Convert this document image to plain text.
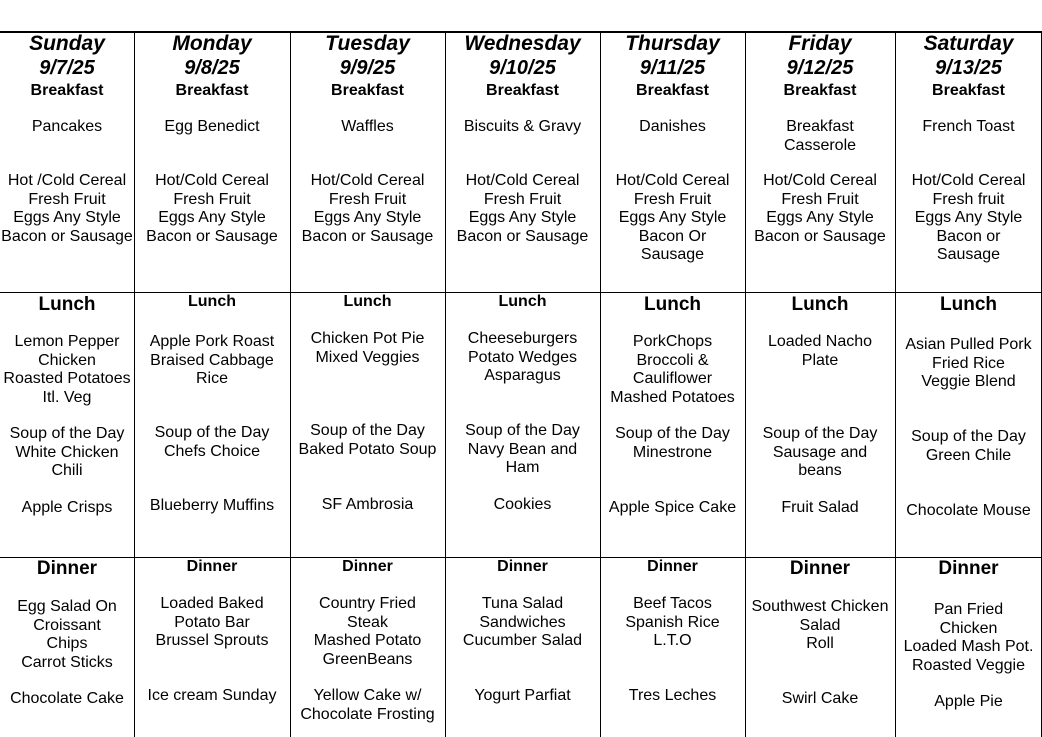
Sunday
9/7/25
Breakfast
Pancakes
Hot /Cold Cereal
Fresh Fruit
Eggs Any Style
Bacon or Sausage
Lunch
Lemon Pepper
Chicken
Roasted Potatoes
Itl. Veg
Soup of the Day
White Chicken
Chili
Apple Crisps
Dinner
Egg Salad On
Croissant
Chips
Carrot Sticks
Chocolate Cake
Monday
9/8/25
Breakfast
Egg Benedict
Hot/Cold Cereal
Fresh Fruit
Eggs Any Style
Bacon or Sausage
Lunch
Apple Pork Roast
Braised Cabbage
Rice
Soup of the Day
Chefs Choice
Blueberry Muffins
Dinner
Loaded Baked
Potato Bar
Brussel Sprouts
Ice cream Sunday
Tuesday
9/9/25
Breakfast
Waffles
Hot/Cold Cereal
Fresh Fruit
Eggs Any Style
Bacon or Sausage
Lunch
Chicken Pot Pie
Mixed Veggies
Soup of the Day
Baked Potato Soup
SF Ambrosia
Dinner
Country Fried
Steak
Mashed Potato
GreenBeans
Yellow Cake w/
Chocolate Frosting
Wednesday
9/10/25
Breakfast
Biscuits & Gravy
Hot/Cold Cereal
Fresh Fruit
Eggs Any Style
Bacon or Sausage
Lunch
Cheeseburgers
Potato Wedges
Asparagus
Soup of the Day
Navy Bean and
Ham
Cookies
Dinner
Tuna Salad
Sandwiches
Cucumber Salad
Yogurt Parfiat
Thursday
9/11/25
Breakfast
Danishes
Hot/Cold Cereal
Fresh Fruit
Eggs Any Style
Bacon Or
Sausage
Lunch
PorkChops
Broccoli &
Cauliflower
Mashed Potatoes
Soup of the Day
Minestrone
Apple Spice Cake
Dinner
Beef Tacos
Spanish Rice
L.T.O
Tres Leches
Friday
9/12/25
Breakfast
Breakfast
Casserole
Hot/Cold Cereal
Fresh Fruit
Eggs Any Style
Bacon or Sausage
Lunch
Loaded Nacho
Plate
Soup of the Day
Sausage and
beans
Fruit Salad
Dinner
Southwest Chicken
Salad
Roll
Swirl Cake
Saturday
9/13/25
Breakfast
French Toast
Hot/Cold Cereal
Fresh fruit
Eggs Any Style
Bacon or
Sausage
Lunch
Asian Pulled Pork
Fried Rice
Veggie Blend
Soup of the Day
Green Chile
Chocolate Mouse
Dinner
Pan Fried
Chicken
Loaded Mash Pot.
Roasted Veggie
Apple Pie
